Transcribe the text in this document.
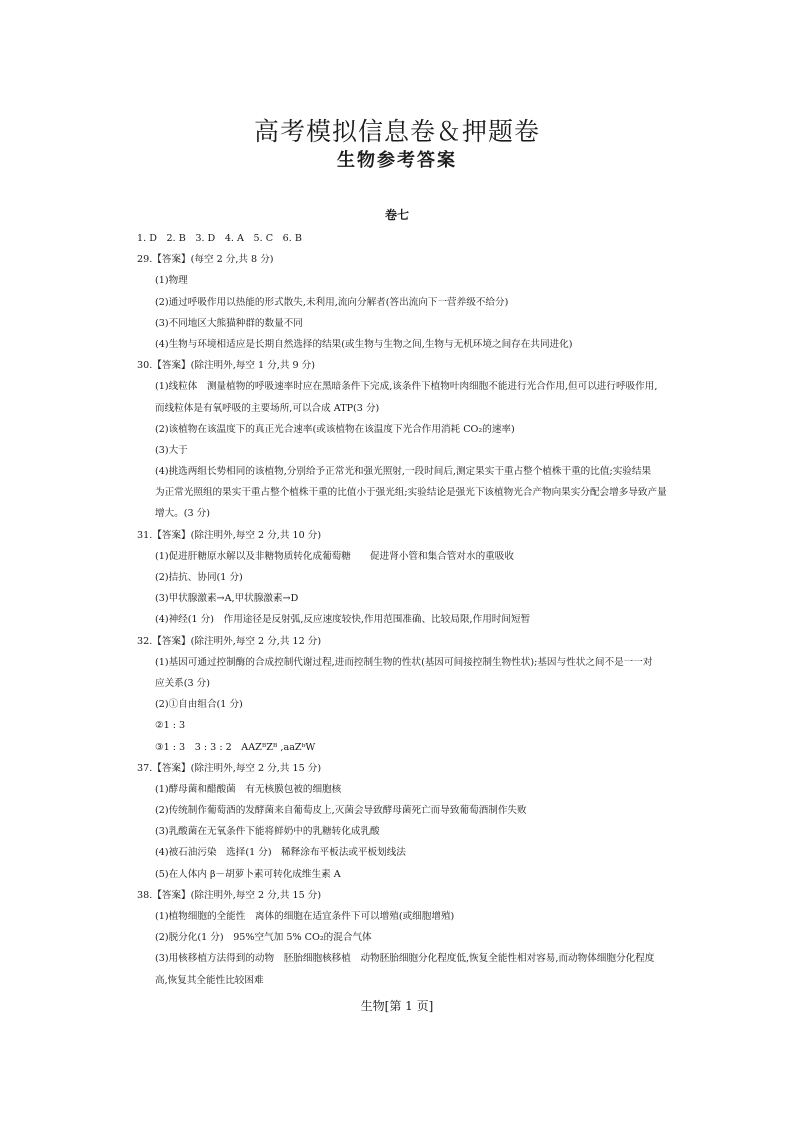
高考模拟信息卷＆押题卷
生物参考答案
卷七
1. D　2. B　3. D　4. A　5. C　6. B
29.【答案】(每空 2 分,共 8 分)
(1)物理
(2)通过呼吸作用以热能的形式散失,未利用,流向分解者(答出流向下一营养级不给分)
(3)不同地区大熊猫种群的数量不同
(4)生物与环境相适应是长期自然选择的结果(或生物与生物之间,生物与无机环境之间存在共同进化)
30.【答案】(除注明外,每空 1 分,共 9 分)
(1)线粒体　测量植物的呼吸速率时应在黑暗条件下完成,该条件下植物叶肉细胞不能进行光合作用,但可以进行呼吸作用,
而线粒体是有氧呼吸的主要场所,可以合成 ATP(3 分)
(2)该植物在该温度下的真正光合速率(或该植物在该温度下光合作用消耗 CO₂的速率)
(3)大于
(4)挑选两组长势相同的该植物,分别给予正常光和强光照射,一段时间后,测定果实干重占整个植株干重的比值;实验结果
为正常光照组的果实干重占整个植株干重的比值小于强光组;实验结论是强光下该植物光合产物向果实分配会增多导致产量
增大。(3 分)
31.【答案】(除注明外,每空 2 分,共 10 分)
(1)促进肝糖原水解以及非糖物质转化成葡萄糖　　促进肾小管和集合管对水的重吸收
(2)拮抗、协同(1 分)
(3)甲状腺激素→A,甲状腺激素→D
(4)神经(1 分)　作用途径是反射弧,反应速度较快,作用范围准确、比较局限,作用时间短暂
32.【答案】(除注明外,每空 2 分,共 12 分)
(1)基因可通过控制酶的合成控制代谢过程,进而控制生物的性状(基因可间接控制生物性状);基因与性状之间不是一一对
应关系(3 分)
(2)①自由组合(1 分)
②1 : 3
③1 : 3　3 : 3 : 2　AAZᴮZᴮ ,aaZᵇW
37.【答案】(除注明外,每空 2 分,共 15 分)
(1)酵母菌和醋酸菌　有无核膜包被的细胞核
(2)传统制作葡萄酒的发酵菌来自葡萄皮上,灭菌会导致酵母菌死亡而导致葡萄酒制作失败
(3)乳酸菌在无氧条件下能将鲜奶中的乳糖转化成乳酸
(4)被石油污染　选择(1 分)　稀释涂布平板法或平板划线法
(5)在人体内 β－胡萝卜素可转化成维生素 A
38.【答案】(除注明外,每空 2 分,共 15 分)
(1)植物细胞的全能性　离体的细胞在适宜条件下可以增殖(或细胞增殖)
(2)脱分化(1 分)　95%空气加 5% CO₂的混合气体
(3)用核移植方法得到的动物　胚胎细胞核移植　动物胚胎细胞分化程度低,恢复全能性相对容易,而动物体细胞分化程度
高,恢复其全能性比较困难
生物[第 1 页]
